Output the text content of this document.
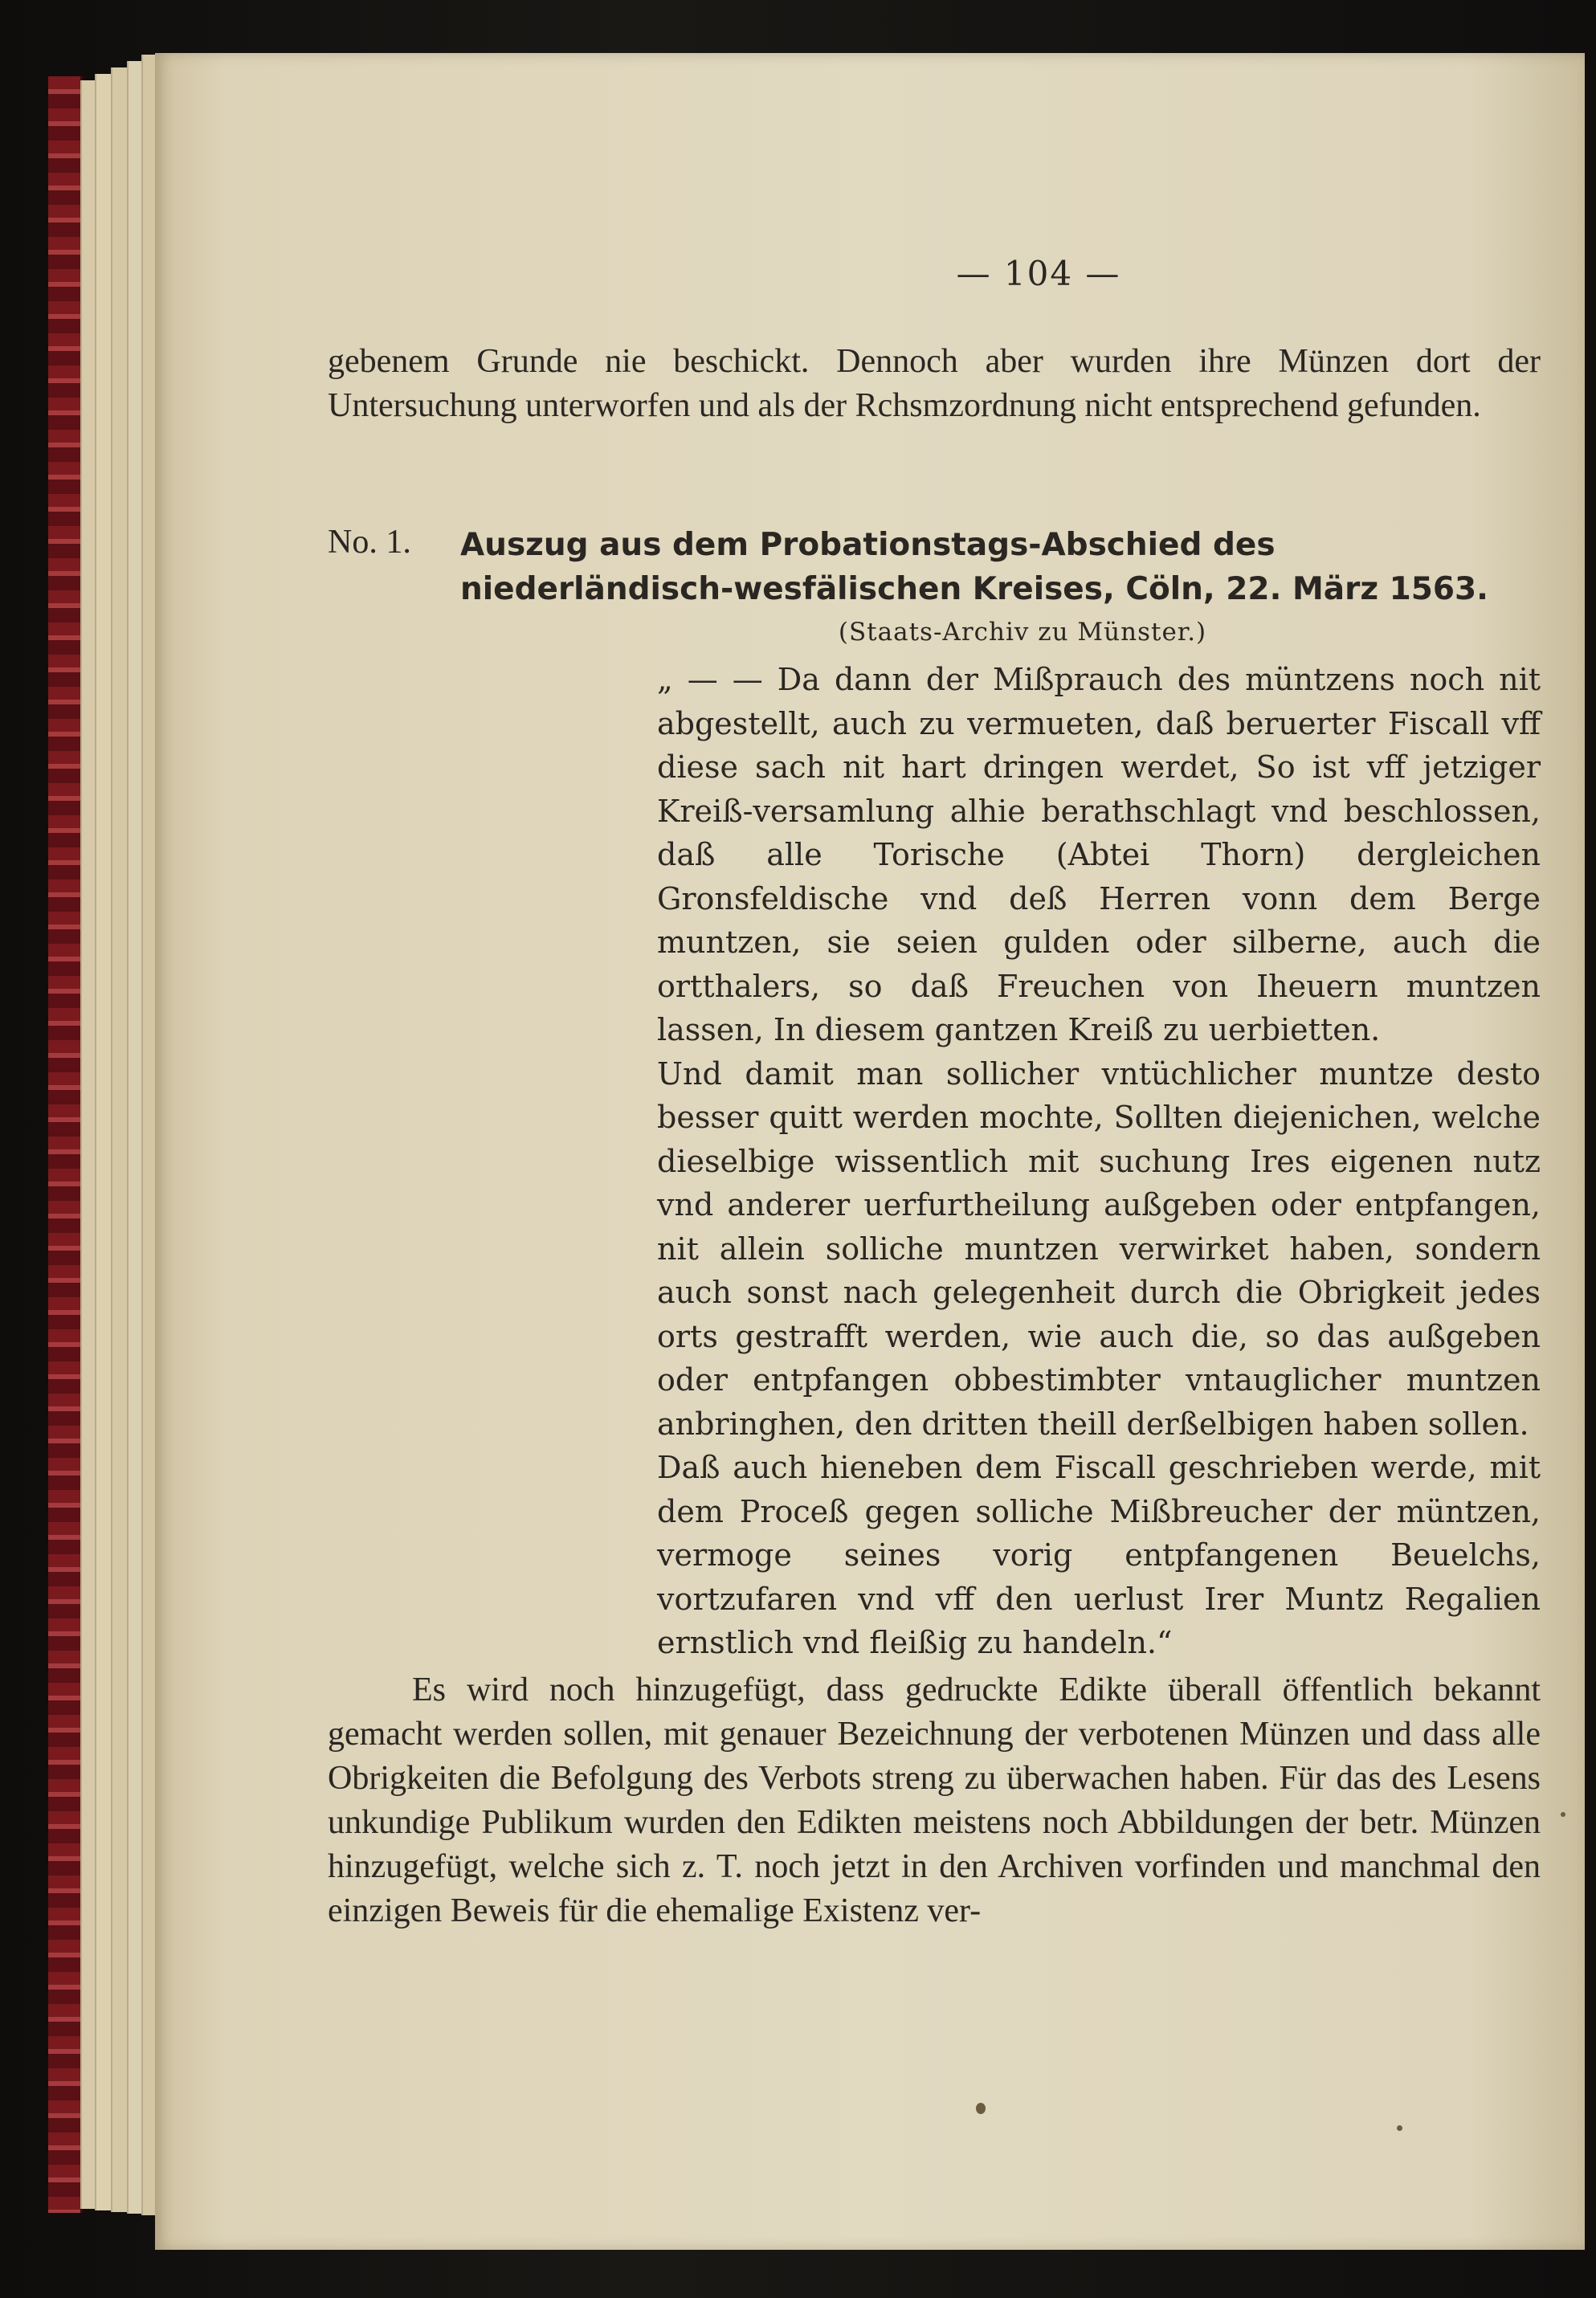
— 104 —

gebenem Grunde nie beschickt. Dennoch aber wurden ihre Münzen dort der Untersuchung unterworfen und als der Rchsmzordnung nicht entsprechend gefunden.

No. 1. Auszug aus dem Probationstags-Abschied des niederländisch-wesfälischen Kreises, Cöln, 22. März 1563.
(Staats-Archiv zu Münster.)

„ — — Da dann der Mißprauch des müntzens noch nit abgestellt, auch zu vermueten, daß beruerter Fiscall vff diese sach nit hart dringen werdet, So ist vff jetziger Kreiß-versamlung alhie berathschlagt vnd beschlossen, daß alle Torische (Abtei Thorn) dergleichen Gronsfeldische vnd deß Herren vonn dem Berge muntzen, sie seien gulden oder silberne, auch die ortthalers, so daß Freuchen von Iheuern muntzen lassen, In diesem gantzen Kreiß zu uerbietten.

Und damit man sollicher vntüchlicher muntze desto besser quitt werden mochte, Sollten diejenichen, welche dieselbige wissentlich mit suchung Ires eigenen nutz vnd anderer uerfurtheilung außgeben oder entpfangen, nit allein solliche muntzen verwirket haben, sondern auch sonst nach gelegenheit durch die Obrigkeit jedes orts gestrafft werden, wie auch die, so das außgeben oder entpfangen obbestimbter vntauglicher muntzen anbringhen, den dritten theill derßelbigen haben sollen.

Daß auch hieneben dem Fiscall geschrieben werde, mit dem Proceß gegen solliche Mißbreucher der müntzen, vermoge seines vorig entpfangenen Beuelchs, vortzufaren vnd vff den uerlust Irer Muntz Regalien ernstlich vnd fleißig zu handeln.“

Es wird noch hinzugefügt, dass gedruckte Edikte überall öffentlich bekannt gemacht werden sollen, mit genauer Bezeichnung der verbotenen Münzen und dass alle Obrigkeiten die Befolgung des Verbots streng zu überwachen haben. Für das des Lesens unkundige Publikum wurden den Edikten meistens noch Abbildungen der betr. Münzen hinzugefügt, welche sich z. T. noch jetzt in den Archiven vorfinden und manchmal den einzigen Beweis für die ehemalige Existenz ver-
